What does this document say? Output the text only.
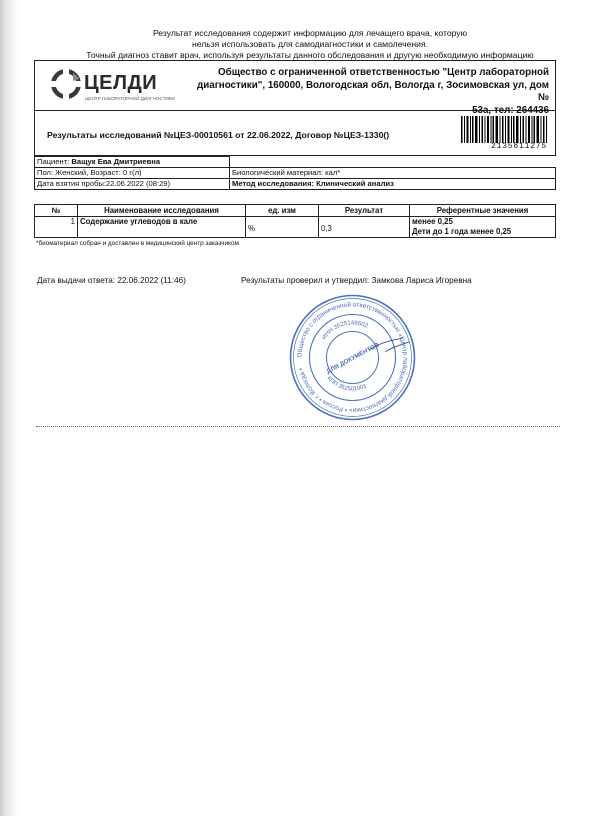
Результат исследования содержит информацию для лечащего врача, которую
нельзя использовать для самодиагностики и самолечения.
Точный диагноз ставит врач, используя результаты данного обследования и другую необходимую информацию
ЦЕЛДИ
ЦЕНТР ЛАБОРАТОРНОЙ ДИАГНОСТИКИ
Общество с ограниченной ответственностью "Центр лабораторной
диагностики", 160000, Вологодская обл, Вологда г, Зосимовская ул, дом №
53а, тел: 264436
Результаты исследований №ЦЕЗ-00010561 от 22.06.2022, Договор №ЦЕЗ-1330()
2135811275
Пациент: Ващук Ева Дмитриевна	
Пол: Женский, Возраст: 0 г(л)	Биологический материал: кал*
Дата взятия пробы:22.06.2022 (08:29)	Метод исследования: Клинический анализ
№	Наименование исследования	ед. изм	Результат	Референтные значения
1	Содержание углеводов в кале	%	0,3	менее 0,25
Дети до 1 года менее 0,25
*биоматериал собран и доставлен в медицинский центр заказчиком
Дата выдачи ответа: 22.06.2022 (11:46)	Результаты проверил и утвердил: Замкова Лариса Игоревна
Общество с ограниченной ответственностью «Центр лабораторной диагностики» • Россия • г. Вологда •
ИНН 3525148602
КПП 352501001
ДЛЯ ДОКУМЕНТОВ
